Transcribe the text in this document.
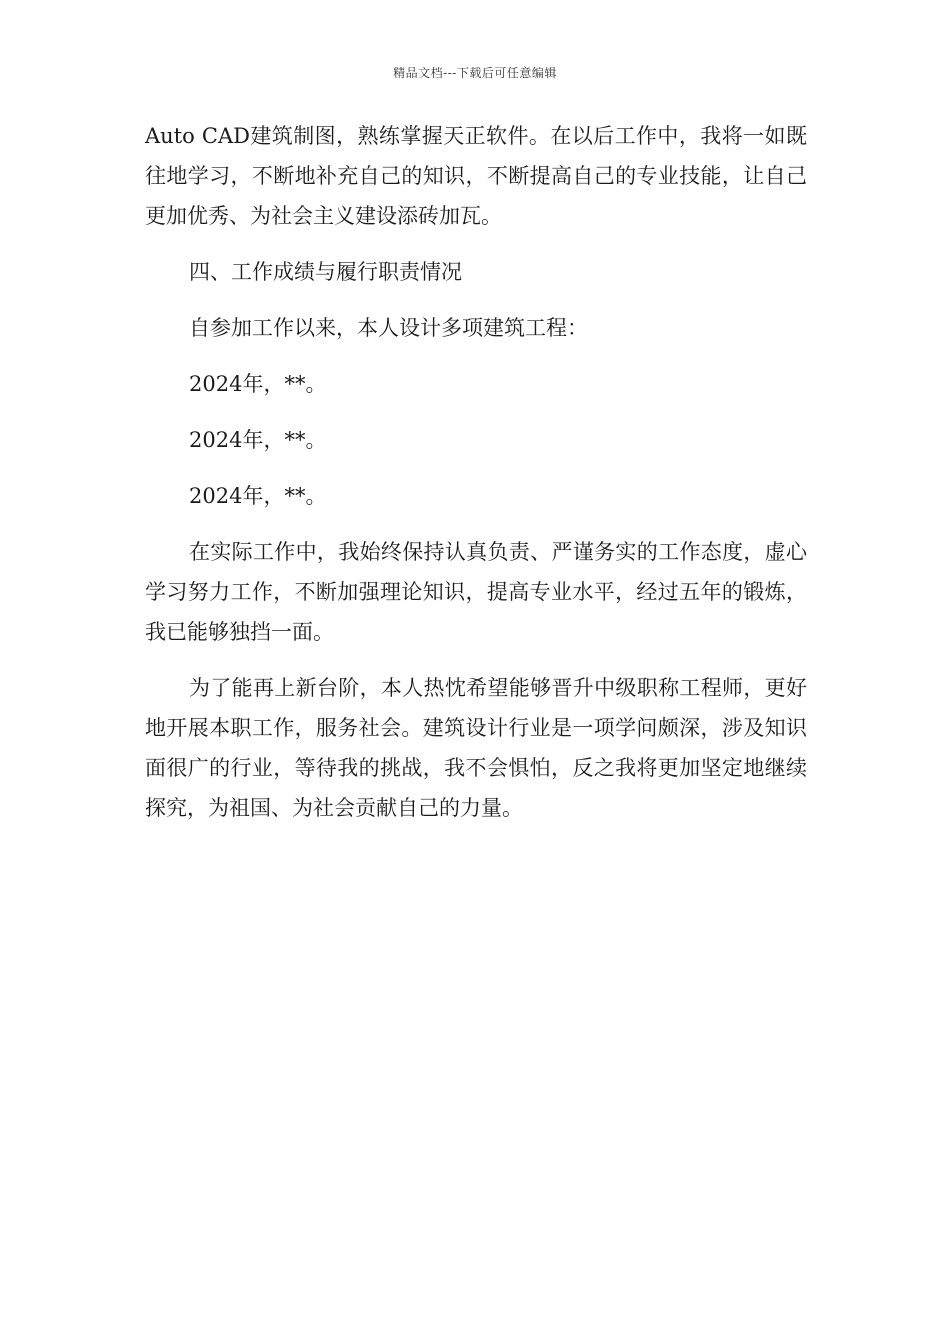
精品文档---下载后可任意编辑

Auto CAD建筑制图，熟练掌握天正软件。在以后工作中，我将一如既往地学习，不断地补充自己的知识，不断提高自己的专业技能，让自己更加优秀、为社会主义建设添砖加瓦。

四、工作成绩与履行职责情况

自参加工作以来，本人设计多项建筑工程：

2024年，**。

2024年，**。

2024年，**。

在实际工作中，我始终保持认真负责、严谨务实的工作态度，虚心学习努力工作，不断加强理论知识，提高专业水平，经过五年的锻炼，我已能够独挡一面。

为了能再上新台阶，本人热忱希望能够晋升中级职称工程师，更好地开展本职工作，服务社会。建筑设计行业是一项学问颇深，涉及知识面很广的行业，等待我的挑战，我不会惧怕，反之我将更加坚定地继续探究，为祖国、为社会贡献自己的力量。
